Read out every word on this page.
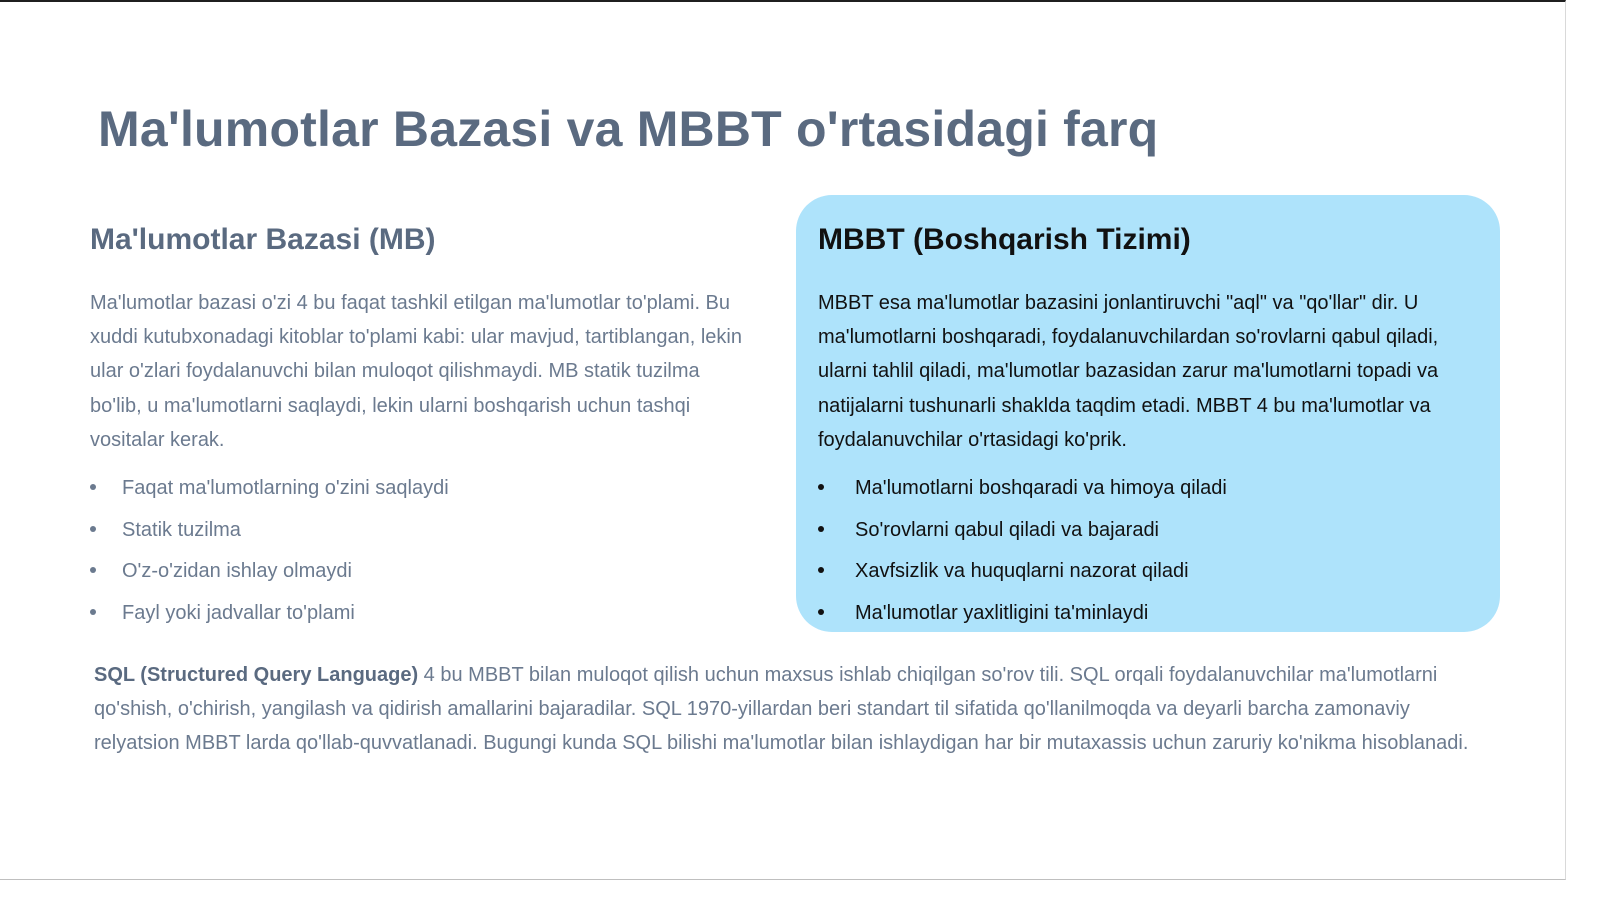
Ma'lumotlar Bazasi va MBBT o'rtasidagi farq
Ma'lumotlar Bazasi (MB)

Ma'lumotlar bazasi o'zi 4 bu faqat tashkil etilgan ma'lumotlar to'plami. Bu xuddi kutubxonadagi kitoblar to'plami kabi: ular mavjud, tartiblangan, lekin ular o'zlari foydalanuvchi bilan muloqot qilishmaydi. MB statik tuzilma bo'lib, u ma'lumotlarni saqlaydi, lekin ularni boshqarish uchun tashqi vositalar kerak.

Faqat ma'lumotlarning o'zini saqlaydi
Statik tuzilma
O'z-o'zidan ishlay olmaydi
Fayl yoki jadvallar to'plami
MBBT (Boshqarish Tizimi)

MBBT esa ma'lumotlar bazasini jonlantiruvchi "aql" va "qo'llar" dir. U ma'lumotlarni boshqaradi, foydalanuvchilardan so'rovlarni qabul qiladi, ularni tahlil qiladi, ma'lumotlar bazasidan zarur ma'lumotlarni topadi va natijalarni tushunarli shaklda taqdim etadi. MBBT 4 bu ma'lumotlar va foydalanuvchilar o'rtasidagi ko'prik.

Ma'lumotlarni boshqaradi va himoya qiladi
So'rovlarni qabul qiladi va bajaradi
Xavfsizlik va huquqlarni nazorat qiladi
Ma'lumotlar yaxlitligini ta'minlaydi

SQL (Structured Query Language) 4 bu MBBT bilan muloqot qilish uchun maxsus ishlab chiqilgan so'rov tili. SQL orqali foydalanuvchilar ma'lumotlarni qo'shish, o'chirish, yangilash va qidirish amallarini bajaradilar. SQL 1970-yillardan beri standart til sifatida qo'llanilmoqda va deyarli barcha zamonaviy relyatsion MBBT larda qo'llab-quvvatlanadi. Bugungi kunda SQL bilishi ma'lumotlar bilan ishlaydigan har bir mutaxassis uchun zaruriy ko'nikma hisoblanadi.
